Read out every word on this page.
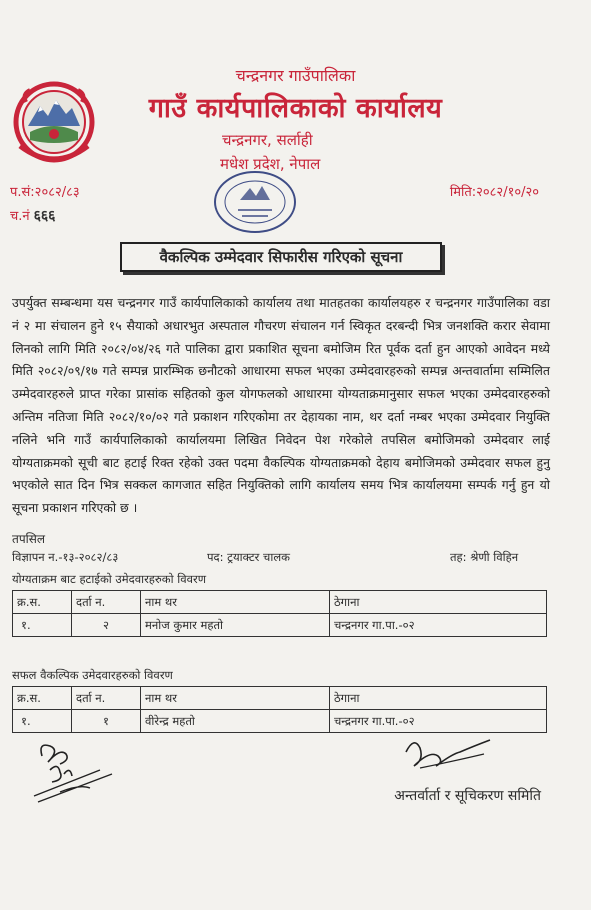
चन्द्रनगर गाउँपालिका
गाउँ कार्यपालिकाको कार्यालय
चन्द्रनगर, सर्लाही
मधेश प्रदेश, नेपाल
प.सं:२०८२/८३
च.नं ६६६
मिति:२०८२/१०/२०
वैकल्पिक उम्मेदवार सिफारीस गरिएको सूचना
उपर्युक्त सम्बन्धमा यस चन्द्रनगर गाउँ कार्यपालिकाको कार्यालय तथा मातहतका कार्यालयहरु र चन्द्रनगर गाउँपालिका वडा नं २ मा संचालन हुने १५ सैयाको अधारभुत अस्पताल गौचरण संचालन गर्न स्विकृत दरबन्दी भित्र जनशक्ति करार सेवामा लिनको लागि मिति २०८२/०४/२६ गते पालिका द्वारा प्रकाशित सूचना बमोजिम रित पूर्वक दर्ता हुन आएको आवेदन मध्ये मिति २०८२/०९/१७ गते सम्पन्न प्रारम्भिक छनौटको आधारमा सफल भएका उम्मेदवारहरुको सम्पन्न अन्तवार्तामा सम्मिलित उम्मेदवारहरुले प्राप्त गरेका प्रासांक सहितको कुल योगफलको आधारमा योग्यताक्रमानुसार सफल भएका उम्मेदवारहरुको अन्तिम नतिजा मिति २०८२/१०/०२ गते प्रकाशन गरिएकोमा तर देहायका नाम, थर दर्ता नम्बर भएका उम्मेदवार नियुक्ति नलिने भनि गाउँ कार्यपालिकाको कार्यालयमा लिखित निवेदन पेश गरेकोले तपसिल बमोजिमको उम्मेदवार लाई योग्यताक्रमको सूची बाट हटाई रिक्त रहेको उक्त पदमा वैकल्पिक योग्यताक्रमको देहाय बमोजिमको उम्मेदवार सफल हुनु भएकोले सात दिन भित्र सक्कल कागजात सहित नियुक्तिको लागि कार्यालय समय भित्र कार्यालयमा सम्पर्क गर्नु हुन यो सूचना प्रकाशन गरिएको छ ।
तपसिल
विज्ञापन न.-१३-२०८२/८३	पद: ट्रयाक्टर चालक	तह: श्रेणी विहिन
योग्यताक्रम बाट हटाईको उमेदवारहरुको विवरण
क्र.स.	दर्ता न.	नाम थर	ठेगाना
१.	२	मनोज कुमार महतो	चन्द्रनगर गा.पा.-०२
सफल वैकल्पिक उमेदवारहरुको विवरण
क्र.स.	दर्ता न.	नाम थर	ठेगाना
१.	१	वीरेन्द्र महतो	चन्द्रनगर गा.पा.-०२
अन्तर्वार्ता र सूचिकरण समिति
